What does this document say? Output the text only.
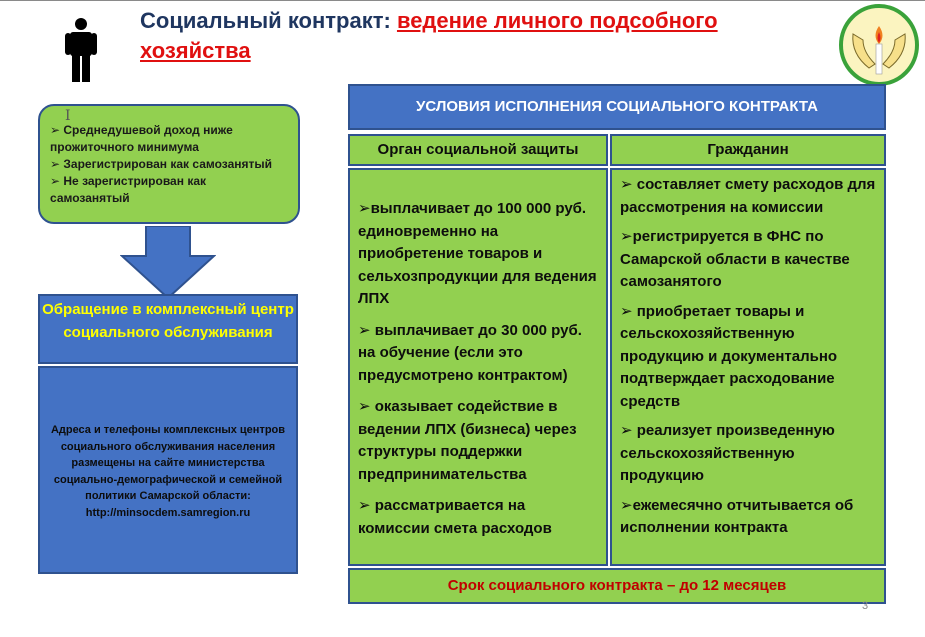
Социальный контракт: ведение личного подсобного хозяйства

➢ Среднедушевой доход ниже прожиточного минимума

➢ Зарегистрирован как самозанятый

➢ Не зарегистрирован как самозанятый

I
Обращение в комплексный центр социального обслуживания
Адреса и телефоны комплексных центров социального обслуживания населения размещены на сайте министерства социально-демографической и семейной политики Самарской области: http://minsocdem.samregion.ru
УСЛОВИЯ ИСПОЛНЕНИЯ СОЦИАЛЬНОГО КОНТРАКТА
Орган социальной защиты	Гражданин
➢выплачивает до 100 000 руб. единовременно на приобретение товаров и сельхозпродукции для ведения ЛПХ
➢ выплачивает до 30 000 руб. на обучение (если это предусмотрено контрактом)
➢ оказывает содействие в ведении ЛПХ (бизнеса) через структуры поддержки предпринимательства
➢ рассматривается на комиссии смета расходов
➢ составляет смету расходов для рассмотрения на комиссии
➢регистрируется в ФНС по Самарской области в качестве самозанятого
➢ приобретает товары и сельскохозяйственную продукцию и документально подтверждает расходование средств
➢ реализует произведенную сельскохозяйственную продукцию
➢ежемесячно отчитывается об исполнении контракта
Срок социального контракта – до 12 месяцев
3
